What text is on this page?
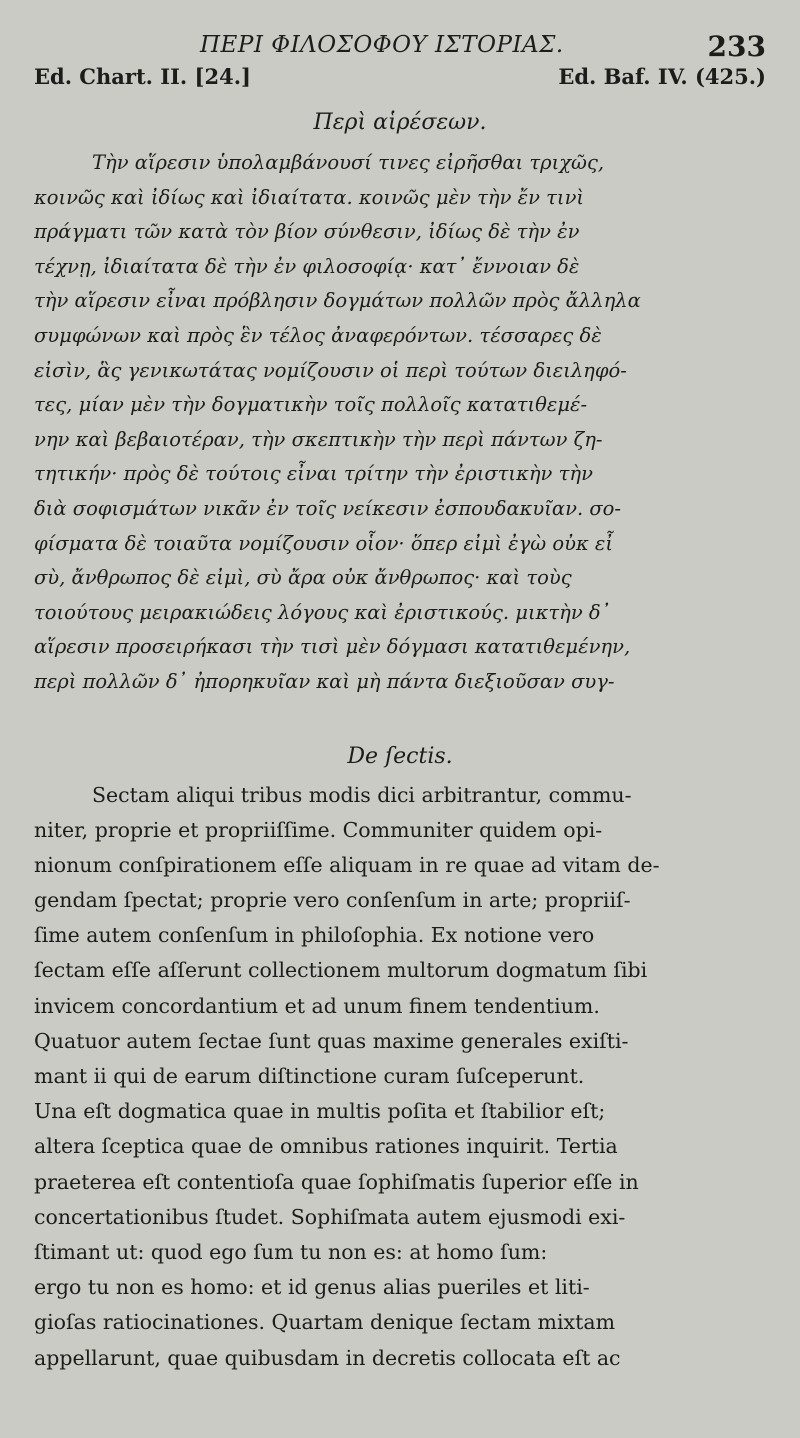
ΠΕΡΙ ΦΙΛΟΣΟΦΟΥ ΙΣΤΟΡΙΑΣ.	233
Ed. Chart. II. [24.]	Ed. Baf. IV. (425.)
Περὶ αἱρέσεων.
Τὴν αἵρεσιν ὑπολαμβάνουσί τινες εἰρῆσθαι τριχῶς,
κοινῶς καὶ ἰδίως καὶ ἰδιαίτατα. κοινῶς μὲν τὴν ἔν τινὶ
πράγματι τῶν κατὰ τὸν βίον σύνθεσιν, ἰδίως δὲ τὴν ἐν
τέχνῃ, ἰδιαίτατα δὲ τὴν ἐν φιλοσοφίᾳ· κατ᾽ ἔννοιαν δὲ
τὴν αἵρεσιν εἶναι πρόβλησιν δογμάτων πολλῶν πρὸς ἄλληλα
συμφώνων καὶ πρὸς ἓν τέλος ἀναφερόντων. τέσσαρες δὲ
εἰσὶν, ἃς γενικωτάτας νομίζουσιν οἱ περὶ τούτων διειληφό-
τες, μίαν μὲν τὴν δογματικὴν τοῖς πολλοῖς κατατιθεμέ-
νην καὶ βεβαιοτέραν, τὴν σκεπτικὴν τὴν περὶ πάντων ζη-
τητικήν· πρὸς δὲ τούτοις εἶναι τρίτην τὴν ἐριστικὴν τὴν
διὰ σοφισμάτων νικᾶν ἐν τοῖς νείκεσιν ἐσπουδακυῖαν. σο-
φίσματα δὲ τοιαῦτα νομίζουσιν οἷον· ὅπερ εἰμὶ ἐγὼ οὐκ εἶ
σὺ, ἄνθρωπος δὲ εἰμὶ, σὺ ἄρα οὐκ ἄνθρωπος· καὶ τοὺς
τοιούτους μειρακιώδεις λόγους καὶ ἐριστικούς. μικτὴν δ᾽
αἵρεσιν προσειρήκασι τὴν τισὶ μὲν δόγμασι κατατιθεμένην,
περὶ πολλῶν δ᾽ ἠπορηκυῖαν καὶ μὴ πάντα διεξιοῦσαν συγ-
De ſectis.
Sectam aliqui tribus modis dici arbitrantur, commu-
niter, proprie et propriiſſime. Communiter quidem opi-
nionum conſpirationem eſſe aliquam in re quae ad vitam de-
gendam ſpectat; proprie vero conſenſum in arte; propriiſ-
ſime autem conſenſum in philoſophia. Ex notione vero
ſectam eſſe aſſerunt collectionem multorum dogmatum ſibi
invicem concordantium et ad unum finem tendentium.
Quatuor autem ſectae ſunt quas maxime generales exiſti-
mant ii qui de earum diſtinctione curam ſuſceperunt.
Una eſt dogmatica quae in multis poſita et ſtabilior eſt;
altera ſceptica quae de omnibus rationes inquirit. Tertia
praeterea eſt contentioſa quae ſophiſmatis ſuperior eſſe in
concertationibus ſtudet. Sophiſmata autem ejusmodi exi-
ſtimant ut: quod ego ſum tu non es: at homo ſum:
ergo tu non es homo: et id genus alias pueriles et liti-
gioſas ratiocinationes. Quartam denique ſectam mixtam
appellarunt, quae quibusdam in decretis collocata eſt ac
